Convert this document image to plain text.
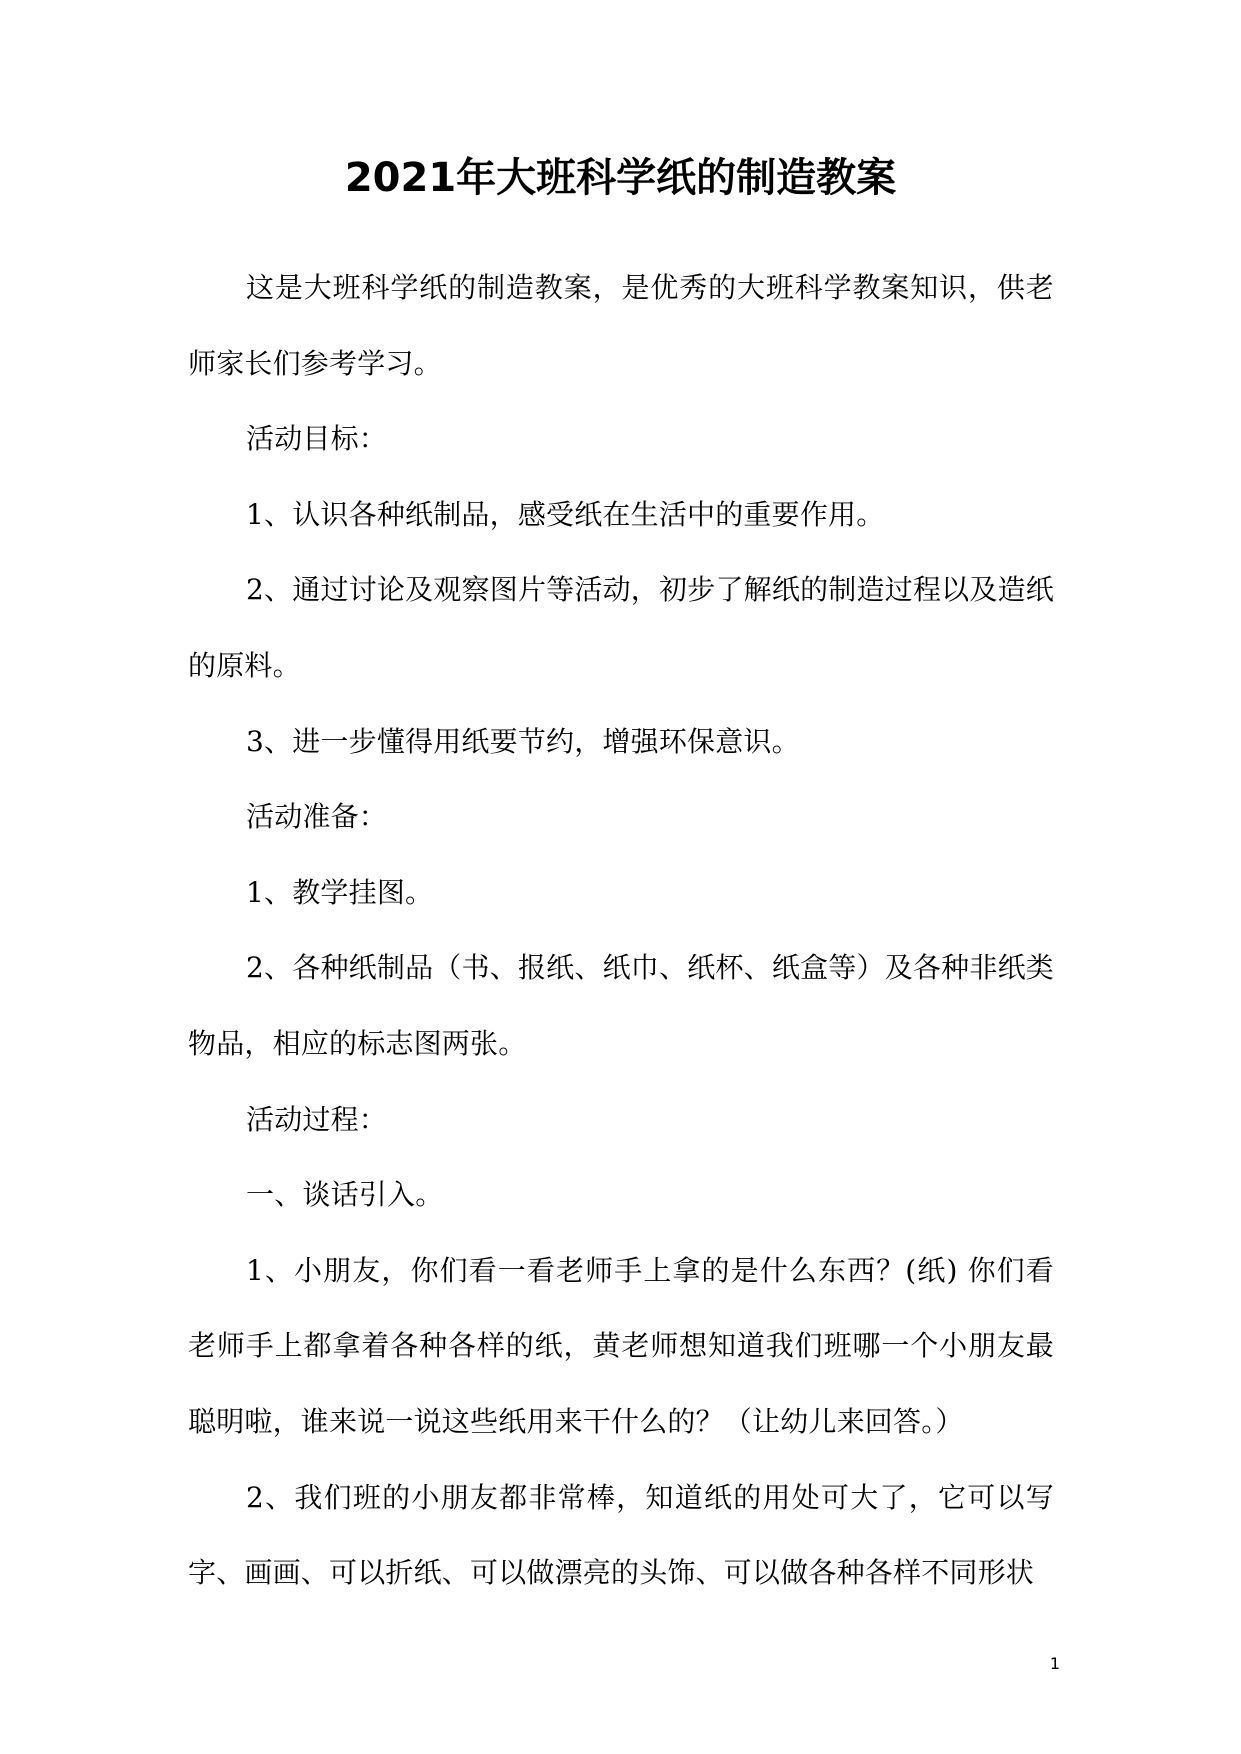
2021年大班科学纸的制造教案

这是大班科学纸的制造教案，是优秀的大班科学教案知识，供老师家长们参考学习。

活动目标：

1、认识各种纸制品，感受纸在生活中的重要作用。

2、通过讨论及观察图片等活动，初步了解纸的制造过程以及造纸的原料。

3、进一步懂得用纸要节约，增强环保意识。

活动准备：

1、教学挂图。

2、各种纸制品（书、报纸、纸巾、纸杯、纸盒等）及各种非纸类物品，相应的标志图两张。

活动过程：

一、谈话引入。

1、小朋友，你们看一看老师手上拿的是什么东西？(纸) 你们看老师手上都拿着各种各样的纸，黄老师想知道我们班哪一个小朋友最聪明啦，谁来说一说这些纸用来干什么的？（让幼儿来回答。）

2、我们班的小朋友都非常棒，知道纸的用处可大了，它可以写字、画画、可以折纸、可以做漂亮的头饰、可以做各种各样不同形状

1
